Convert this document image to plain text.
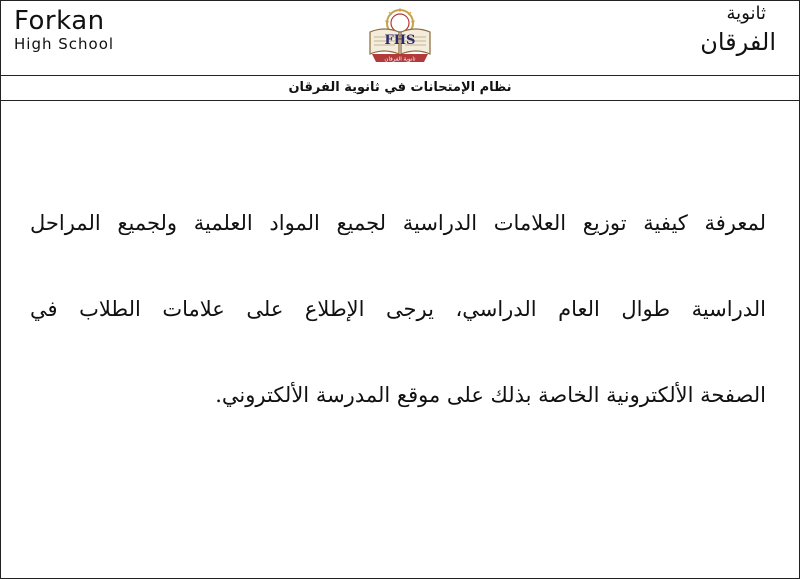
Forkan
High School	FHS
ثانوية الفرقان
ثانوية
الفرقان
نظام الإمتحانات في ثانوية الفرقان

لمعرفة كيفية توزيع العلامات الدراسية لجميع المواد العلمية ولجميع المراحل

الدراسية طوال العام الدراسي، يرجى الإطلاع على علامات الطلاب في

الصفحة الألكترونية الخاصة بذلك على موقع المدرسة الألكتروني.
